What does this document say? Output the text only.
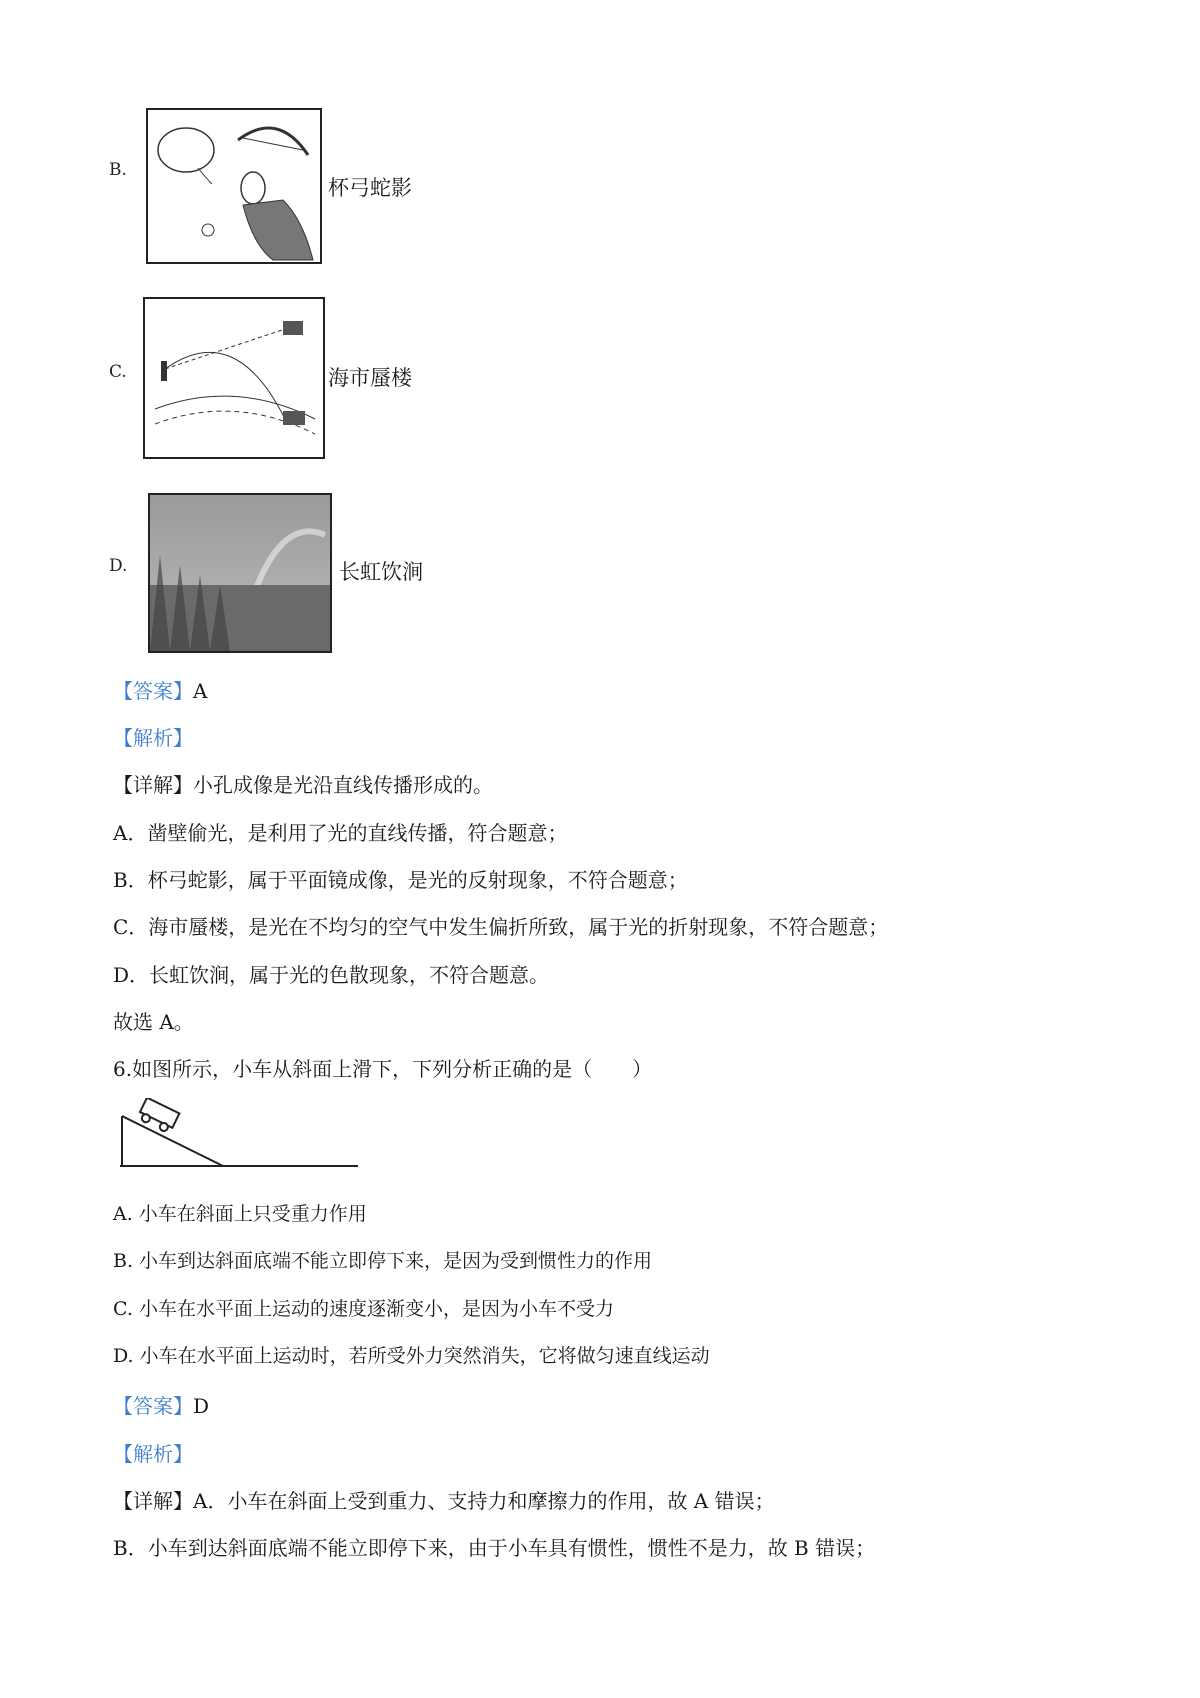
B.
杯弓蛇影
C.	海市蜃楼
D.	长虹饮涧
【答案】A
【解析】
【详解】小孔成像是光沿直线传播形成的。
A．凿壁偷光，是利用了光的直线传播，符合题意；
B．杯弓蛇影，属于平面镜成像，是光的反射现象，不符合题意；
C．海市蜃楼，是光在不均匀的空气中发生偏折所致，属于光的折射现象，不符合题意；
D．长虹饮涧，属于光的色散现象，不符合题意。
故选 A。
6.如图所示，小车从斜面上滑下，下列分析正确的是（　　）
A. 小车在斜面上只受重力作用
B. 小车到达斜面底端不能立即停下来，是因为受到惯性力的作用
C. 小车在水平面上运动的速度逐渐变小，是因为小车不受力
D. 小车在水平面上运动时，若所受外力突然消失，它将做匀速直线运动
【答案】D
【解析】
【详解】A．小车在斜面上受到重力、支持力和摩擦力的作用，故 A 错误；
B．小车到达斜面底端不能立即停下来，由于小车具有惯性，惯性不是力，故 B 错误；
